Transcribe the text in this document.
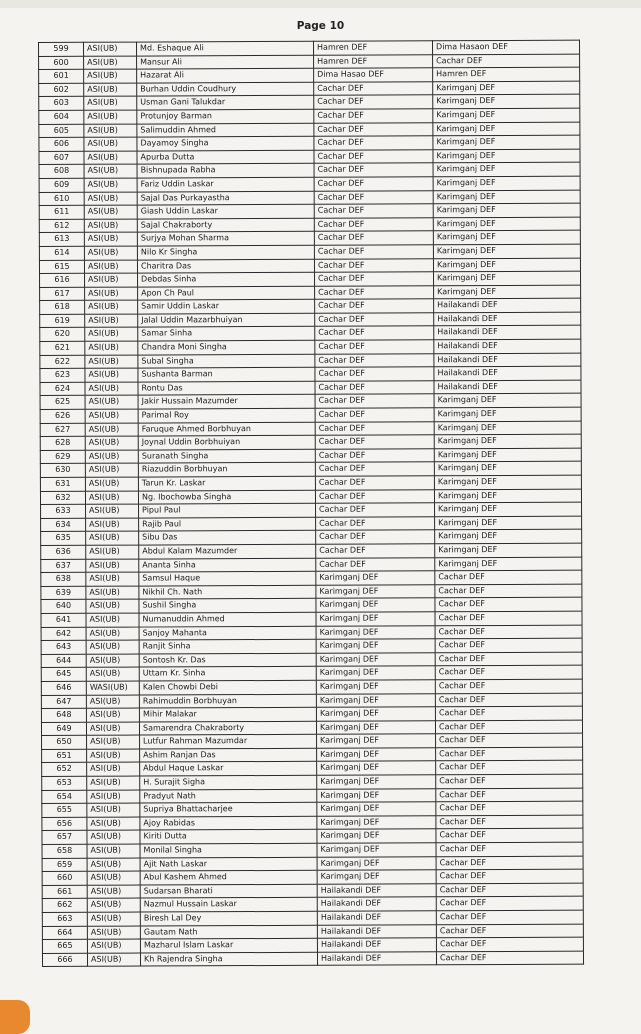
Page 10
599	ASI(UB)	Md. Eshaque Ali	Hamren DEF	Dima Hasaon DEF
600	ASI(UB)	Mansur Ali	Hamren DEF	Cachar DEF
601	ASI(UB)	Hazarat Ali	Dima Hasao DEF	Hamren DEF
602	ASI(UB)	Burhan Uddin Coudhury	Cachar DEF	Karimganj DEF
603	ASI(UB)	Usman Gani Talukdar	Cachar DEF	Karimganj DEF
604	ASI(UB)	Protunjoy Barman	Cachar DEF	Karimganj DEF
605	ASI(UB)	Salimuddin Ahmed	Cachar DEF	Karimganj DEF
606	ASI(UB)	Dayamoy Singha	Cachar DEF	Karimganj DEF
607	ASI(UB)	Apurba Dutta	Cachar DEF	Karimganj DEF
608	ASI(UB)	Bishnupada Rabha	Cachar DEF	Karimganj DEF
609	ASI(UB)	Fariz Uddin Laskar	Cachar DEF	Karimganj DEF
610	ASI(UB)	Sajal Das Purkayastha	Cachar DEF	Karimganj DEF
611	ASI(UB)	Giash Uddin Laskar	Cachar DEF	Karimganj DEF
612	ASI(UB)	Sajal Chakraborty	Cachar DEF	Karimganj DEF
613	ASI(UB)	Surjya Mohan Sharma	Cachar DEF	Karimganj DEF
614	ASI(UB)	Nilo Kr Singha	Cachar DEF	Karimganj DEF
615	ASI(UB)	Charitra Das	Cachar DEF	Karimganj DEF
616	ASI(UB)	Debdas Sinha	Cachar DEF	Karimganj DEF
617	ASI(UB)	Apon Ch Paul	Cachar DEF	Karimganj DEF
618	ASI(UB)	Samir Uddin Laskar	Cachar DEF	Hailakandi DEF
619	ASI(UB)	Jalal Uddin Mazarbhuiyan	Cachar DEF	Hailakandi DEF
620	ASI(UB)	Samar Sinha	Cachar DEF	Hailakandi DEF
621	ASI(UB)	Chandra Moni Singha	Cachar DEF	Hailakandi DEF
622	ASI(UB)	Subal Singha	Cachar DEF	Hailakandi DEF
623	ASI(UB)	Sushanta Barman	Cachar DEF	Hailakandi DEF
624	ASI(UB)	Rontu Das	Cachar DEF	Hailakandi DEF
625	ASI(UB)	Jakir Hussain Mazumder	Cachar DEF	Karimganj DEF
626	ASI(UB)	Parimal Roy	Cachar DEF	Karimganj DEF
627	ASI(UB)	Faruque Ahmed Borbhuyan	Cachar DEF	Karimganj DEF
628	ASI(UB)	Joynal Uddin Borbhuiyan	Cachar DEF	Karimganj DEF
629	ASI(UB)	Suranath Singha	Cachar DEF	Karimganj DEF
630	ASI(UB)	Riazuddin Borbhuyan	Cachar DEF	Karimganj DEF
631	ASI(UB)	Tarun Kr. Laskar	Cachar DEF	Karimganj DEF
632	ASI(UB)	Ng. Ibochowba Singha	Cachar DEF	Karimganj DEF
633	ASI(UB)	Pipul Paul	Cachar DEF	Karimganj DEF
634	ASI(UB)	Rajib Paul	Cachar DEF	Karimganj DEF
635	ASI(UB)	Sibu Das	Cachar DEF	Karimganj DEF
636	ASI(UB)	Abdul Kalam Mazumder	Cachar DEF	Karimganj DEF
637	ASI(UB)	Ananta Sinha	Cachar DEF	Karimganj DEF
638	ASI(UB)	Samsul Haque	Karimganj DEF	Cachar DEF
639	ASI(UB)	Nikhil Ch. Nath	Karimganj DEF	Cachar DEF
640	ASI(UB)	Sushil Singha	Karimganj DEF	Cachar DEF
641	ASI(UB)	Numanuddin Ahmed	Karimganj DEF	Cachar DEF
642	ASI(UB)	Sanjoy Mahanta	Karimganj DEF	Cachar DEF
643	ASI(UB)	Ranjit Sinha	Karimganj DEF	Cachar DEF
644	ASI(UB)	Sontosh Kr. Das	Karimganj DEF	Cachar DEF
645	ASI(UB)	Uttam Kr. Sinha	Karimganj DEF	Cachar DEF
646	WASI(UB)	Kalen Chowbi Debi	Karimganj DEF	Cachar DEF
647	ASI(UB)	Rahimuddin Borbhuyan	Karimganj DEF	Cachar DEF
648	ASI(UB)	Mihir Malakar	Karimganj DEF	Cachar DEF
649	ASI(UB)	Samarendra Chakraborty	Karimganj DEF	Cachar DEF
650	ASI(UB)	Lutfur Rahman Mazumdar	Karimganj DEF	Cachar DEF
651	ASI(UB)	Ashim Ranjan Das	Karimganj DEF	Cachar DEF
652	ASI(UB)	Abdul Haque Laskar	Karimganj DEF	Cachar DEF
653	ASI(UB)	H. Surajit Sigha	Karimganj DEF	Cachar DEF
654	ASI(UB)	Pradyut Nath	Karimganj DEF	Cachar DEF
655	ASI(UB)	Supriya Bhattacharjee	Karimganj DEF	Cachar DEF
656	ASI(UB)	Ajoy Rabidas	Karimganj DEF	Cachar DEF
657	ASI(UB)	Kiriti Dutta	Karimganj DEF	Cachar DEF
658	ASI(UB)	Monilal Singha	Karimganj DEF	Cachar DEF
659	ASI(UB)	Ajit Nath Laskar	Karimganj DEF	Cachar DEF
660	ASI(UB)	Abul Kashem Ahmed	Karimganj DEF	Cachar DEF
661	ASI(UB)	Sudarsan Bharati	Hailakandi DEF	Cachar DEF
662	ASI(UB)	Nazmul Hussain Laskar	Hailakandi DEF	Cachar DEF
663	ASI(UB)	Biresh Lal Dey	Hailakandi DEF	Cachar DEF
664	ASI(UB)	Gautam Nath	Hailakandi DEF	Cachar DEF
665	ASI(UB)	Mazharul Islam Laskar	Hailakandi DEF	Cachar DEF
666	ASI(UB)	Kh Rajendra Singha	Hailakandi DEF	Cachar DEF
